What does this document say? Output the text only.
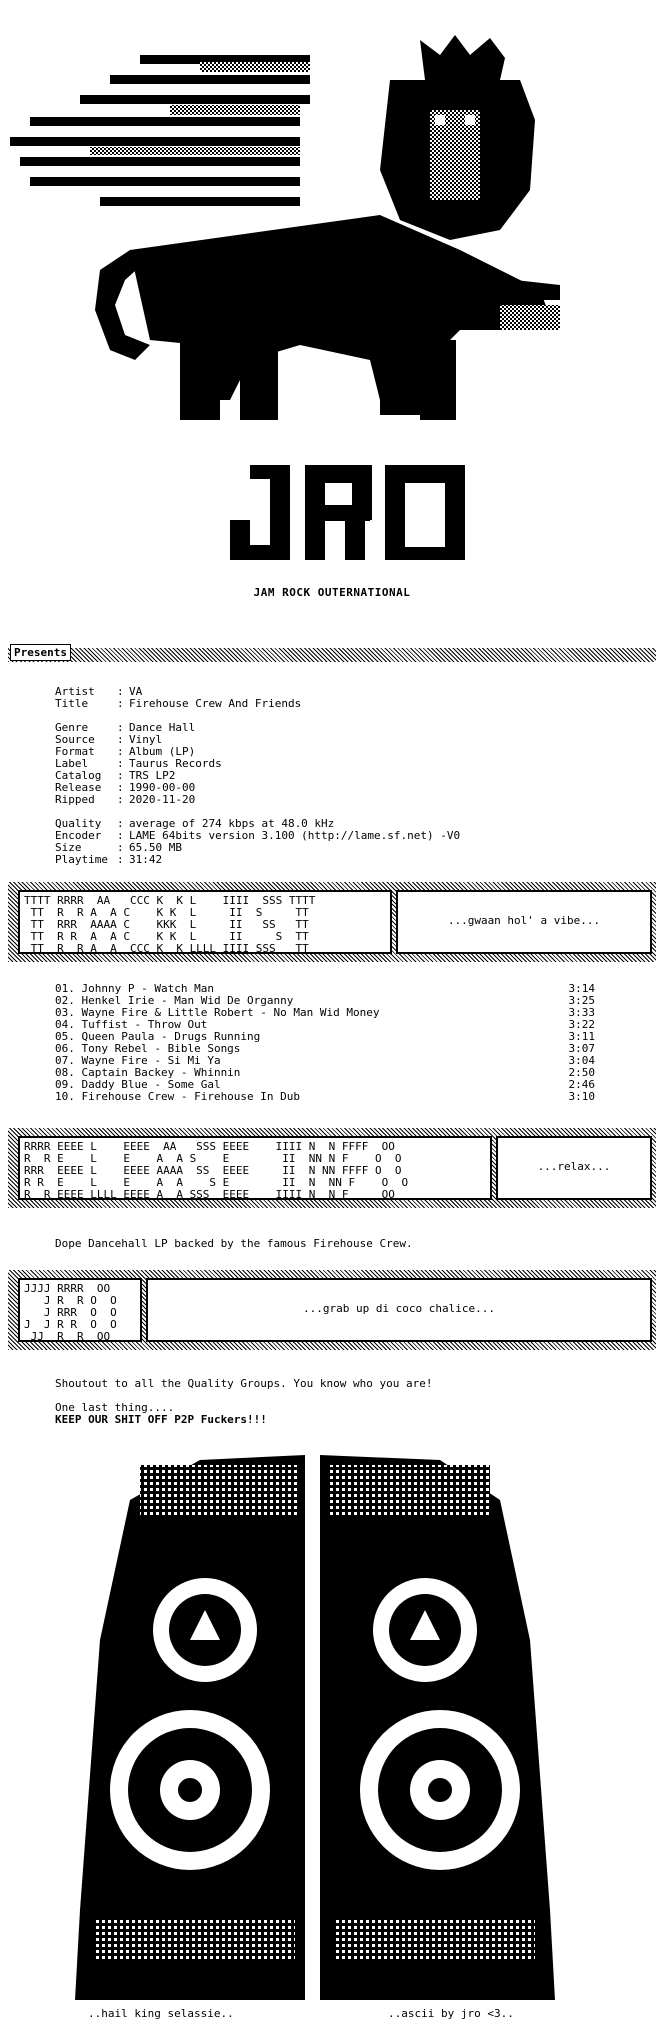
JAM ROCK OUTERNATIONAL
Presents
Artist	: VA
Title	: Firehouse Crew And Friends
Genre	: Dance Hall
Source	: Vinyl
Format	: Album (LP)
Label	: Taurus Records
Catalog	: TRS LP2
Release	: 1990-00-00
Ripped	: 2020-11-20
Quality	: average of 274 kbps at 48.0 kHz
Encoder	: LAME 64bits version 3.100 (http://lame.sf.net) -V0
Size	: 65.50 MB
Playtime : 31:42
TTTT RRRR  AA   CCC K  K L    IIII  SSS TTTT
TT  R  R A  A C    K K  L     II  S     TT
TT  RRR  AAAA C    KKK  L     II   SS   TT
TT  R R  A  A C    K K  L     II     S  TT
TT  R  R A  A  CCC K  K LLLL IIII SSS   TT
...gwaan hol' a vibe...
01. Johnny P - Watch Man	3:14
02. Henkel Irie - Man Wid De Organny	3:25
03. Wayne Fire & Little Robert - No Man Wid Money	3:33
04. Tuffist - Throw Out	3:22
05. Queen Paula - Drugs Running	3:11
06. Tony Rebel - Bible Songs	3:07
07. Wayne Fire - Si Mi Ya	3:04
08. Captain Backey - Whinnin	2:50
09. Daddy Blue - Some Gal	2:46
10. Firehouse Crew - Firehouse In Dub	3:10
RRRR EEEE L    EEEE  AA   SSS EEEE    IIII N  N FFFF  OO
R  R E    L    E    A  A S    E        II  NN N F    O  O
RRR  EEEE L    EEEE AAAA  SS  EEEE     II  N NN FFFF O  O
R R  E    L    E    A  A    S E        II  N  NN F    O  O
R  R EEEE LLLL EEEE A  A SSS  EEEE    IIII N  N F     OO
...relax...
Dope Dancehall LP backed by the famous Firehouse Crew.
JJJJ RRRR  OO
J R  R O  O
J RRR  O  O
J  J R R  O  O
JJ  R  R  OO
...grab up di coco chalice...
Shoutout to all the Quality Groups. You know who you are!
One last thing....
KEEP OUR SHIT OFF P2P Fuckers!!!
..hail king selassie..	..ascii by jro <3..
